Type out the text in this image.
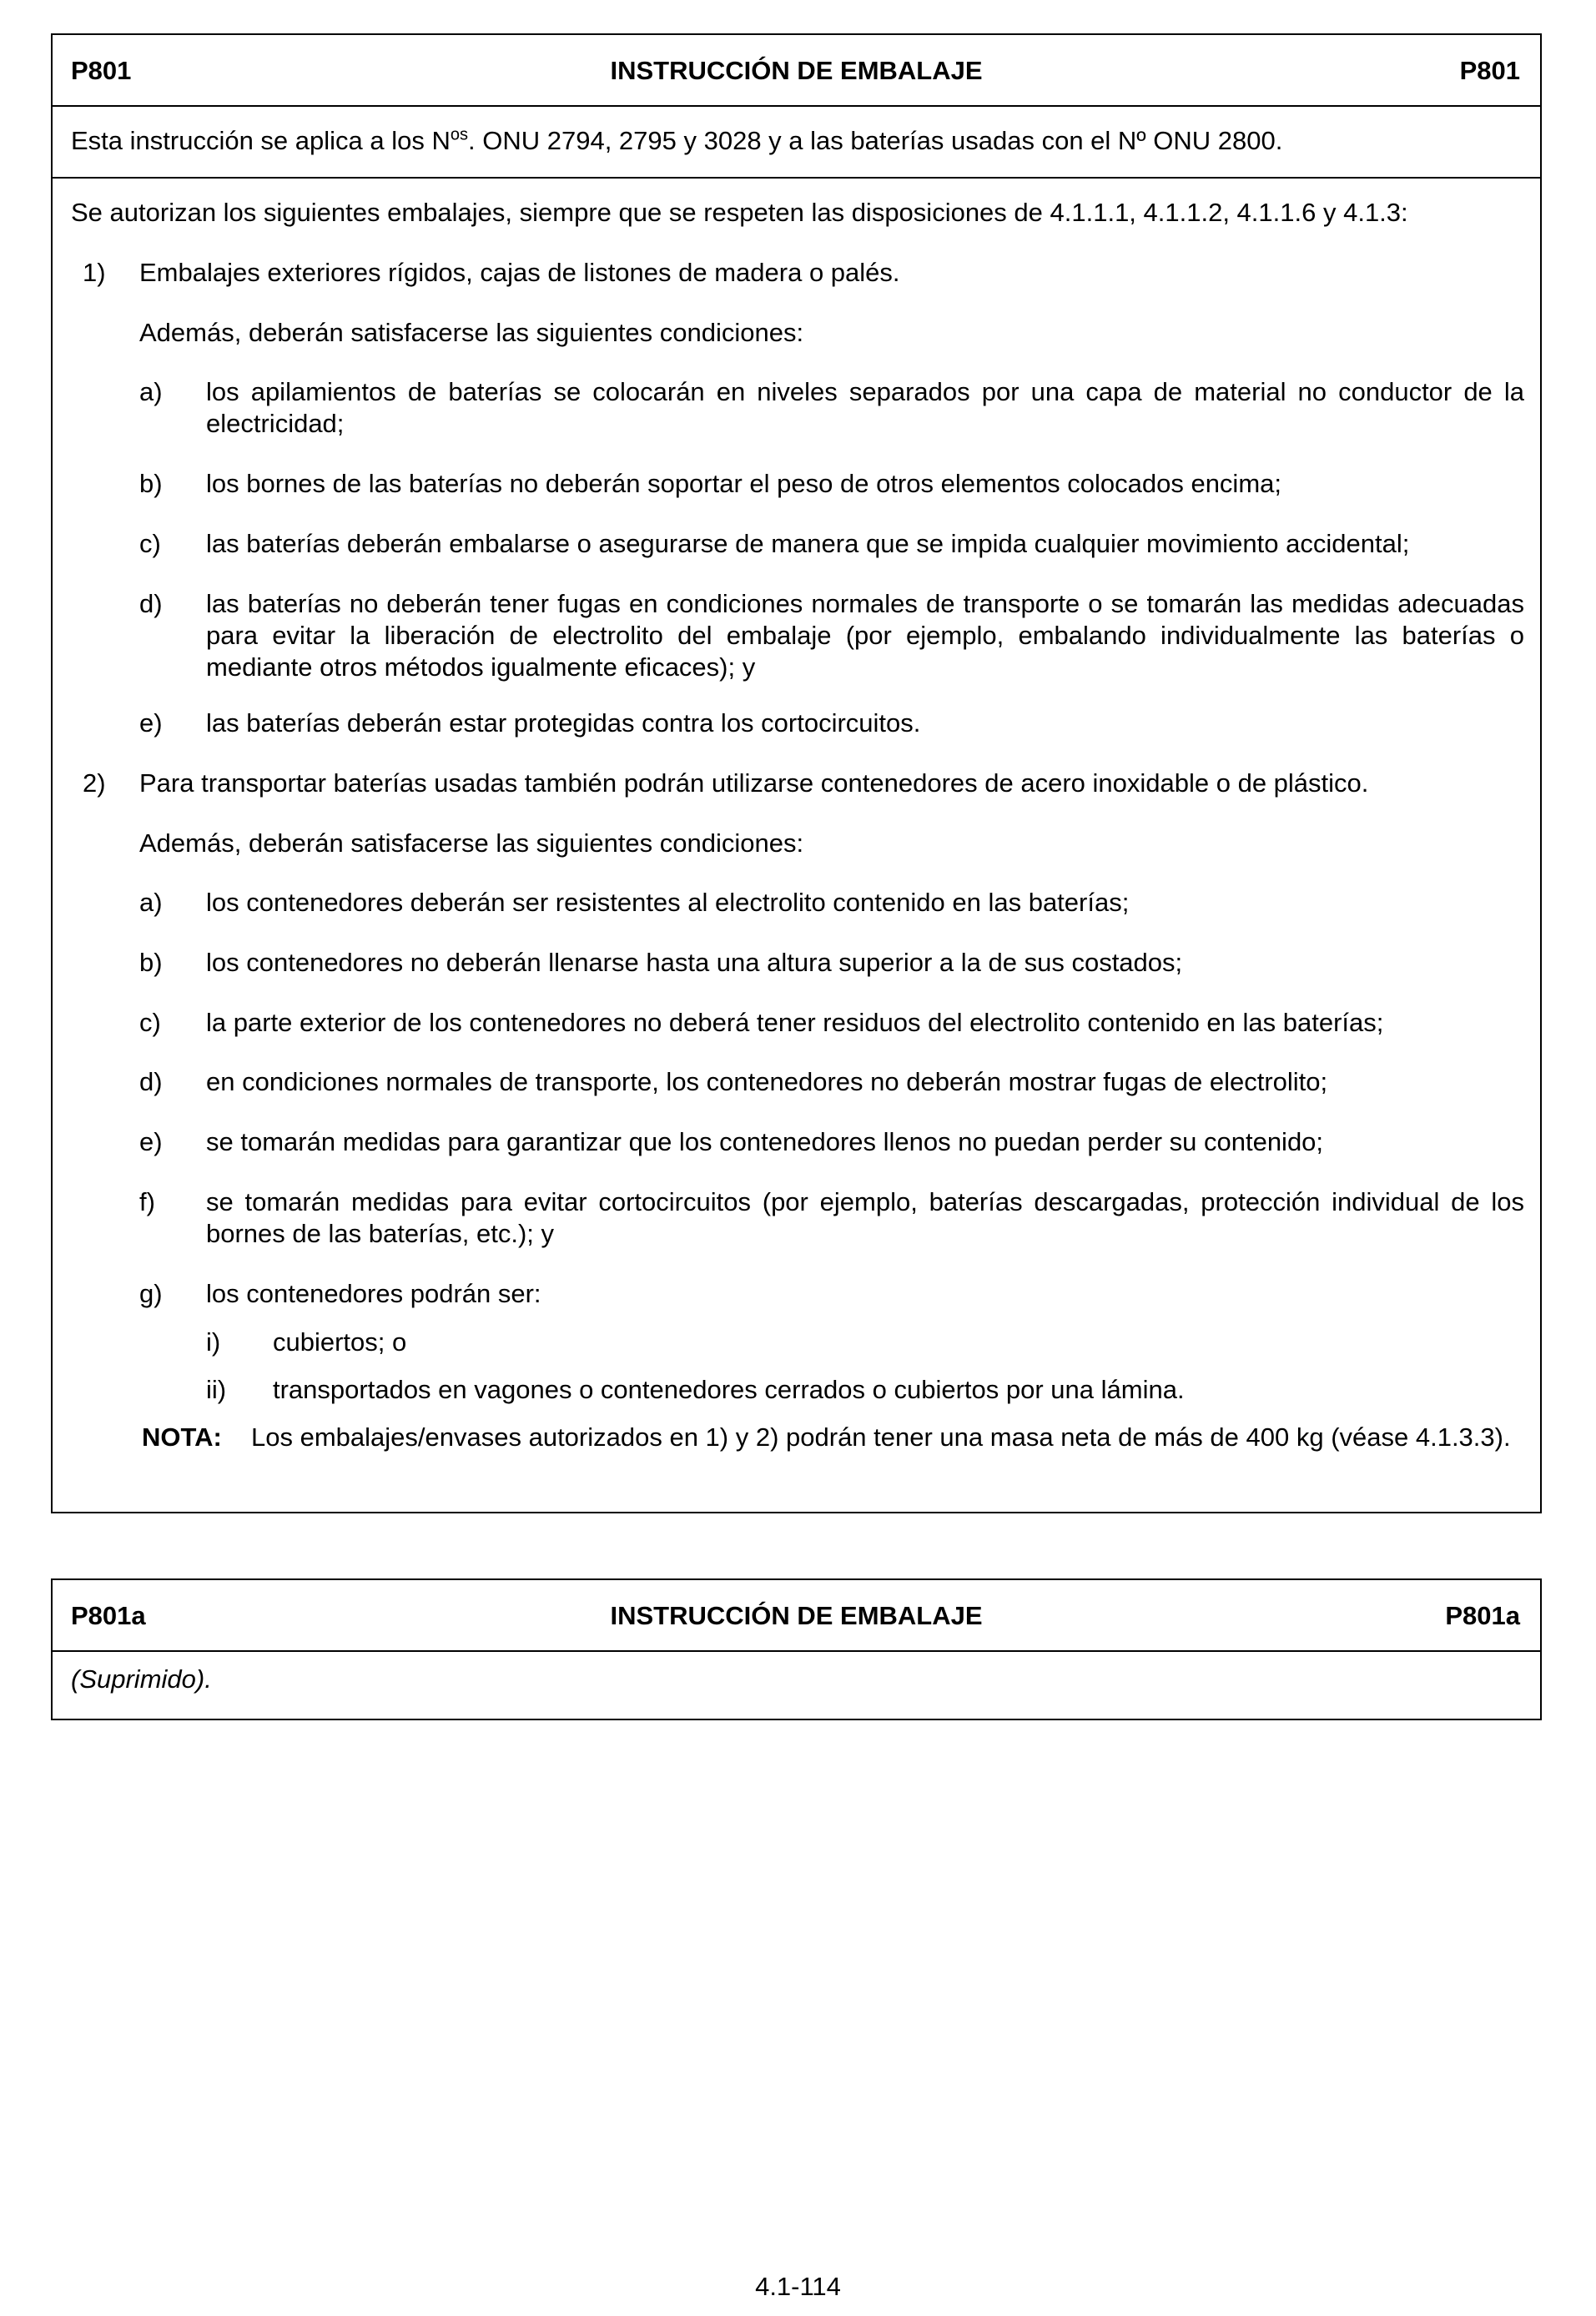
P801	INSTRUCCIÓN DE EMBALAJE	P801
Esta instrucción se aplica a los $N^{os}$. ONU 2794, 2795 y 3028 y a las baterías usadas con el Nº ONU 2800.
Se autorizan los siguientes embalajes, siempre que se respeten las disposiciones de 4.1.1.1, 4.1.1.2, 4.1.1.6 y 4.1.3:
1) Embalajes exteriores rígidos, cajas de listones de madera o palés.
Además, deberán satisfacerse las siguientes condiciones:
a) los apilamientos de baterías se colocarán en niveles separados por una capa de material no conductor de la electricidad;
b) los bornes de las baterías no deberán soportar el peso de otros elementos colocados encima;
c) las baterías deberán embalarse o asegurarse de manera que se impida cualquier movimiento accidental;
d) las baterías no deberán tener fugas en condiciones normales de transporte o se tomarán las medidas adecuadas para evitar la liberación de electrolito del embalaje (por ejemplo, embalando individualmente las baterías o mediante otros métodos igualmente eficaces); y
e) las baterías deberán estar protegidas contra los cortocircuitos.
2) Para transportar baterías usadas también podrán utilizarse contenedores de acero inoxidable o de plástico.
Además, deberán satisfacerse las siguientes condiciones:
a) los contenedores deberán ser resistentes al electrolito contenido en las baterías;
b) los contenedores no deberán llenarse hasta una altura superior a la de sus costados;
c) la parte exterior de los contenedores no deberá tener residuos del electrolito contenido en las baterías;
d) en condiciones normales de transporte, los contenedores no deberán mostrar fugas de electrolito;
e) se tomarán medidas para garantizar que los contenedores llenos no puedan perder su contenido;
f) se tomarán medidas para evitar cortocircuitos (por ejemplo, baterías descargadas, protección individual de los bornes de las baterías, etc.); y
g) los contenedores podrán ser:
i) cubiertos; o
ii) transportados en vagones o contenedores cerrados o cubiertos por una lámina.
NOTA: Los embalajes/envases autorizados en 1) y 2) podrán tener una masa neta de más de 400 kg (véase 4.1.3.3).
P801a	INSTRUCCIÓN DE EMBALAJE	P801a
(Suprimido).
4.1-114
